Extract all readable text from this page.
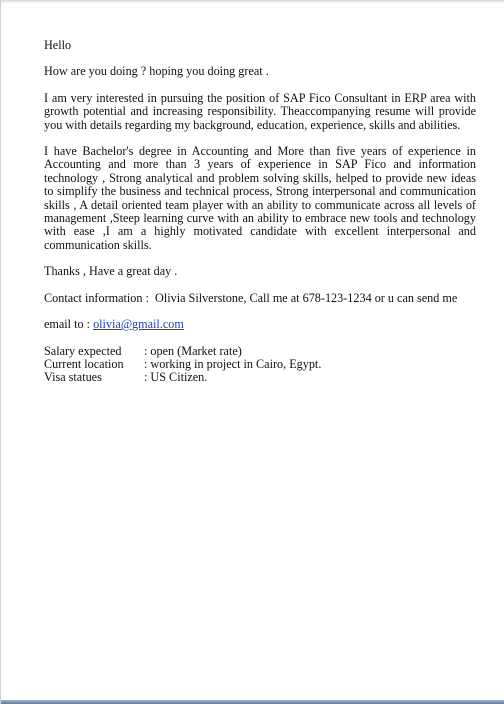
Hello

How are you doing ? hoping you doing great .

I am very interested in pursuing the position of SAP Fico Consultant in ERP area with growth potential and increasing responsibility. Theaccompanying resume will provide you with details regarding my background, education, experience, skills and abilities.

I have Bachelor's degree in Accounting and More than five years of experience in Accounting and more than 3 years of experience in SAP Fico and information technology , Strong analytical and problem solving skills, helped to provide new ideas to simplify the business and technical process, Strong interpersonal and communication skills , A detail oriented team player with an ability to communicate across all levels of management ,Steep learning curve with an ability to embrace new tools and technology with ease ,I am a highly motivated candidate with excellent interpersonal and communication skills.

Thanks , Have a great day .

Contact information : Olivia Silverstone, Call me at 678-123-1234 or u can send me

email to : olivia@gmail.com

Salary expected	: open (Market rate)
Current location	: working in project in Cairo, Egypt.
Visa statues	: US Citizen.
